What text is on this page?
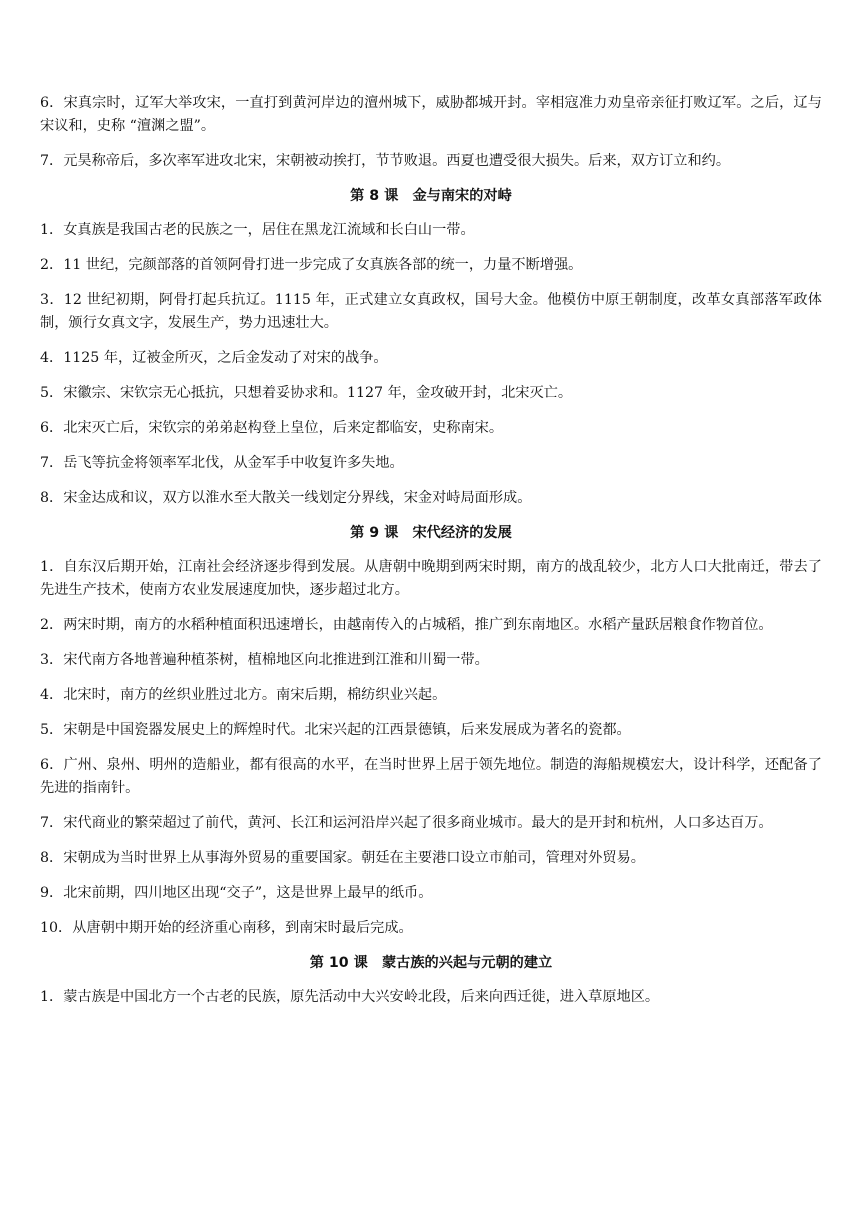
6．宋真宗时，辽军大举攻宋，一直打到黄河岸边的澶州城下，威胁都城开封。宰相寇准力劝皇帝亲征打败辽军。之后，辽与宋议和，史称 “澶渊之盟”。

7．元昊称帝后，多次率军进攻北宋，宋朝被动挨打，节节败退。西夏也遭受很大损失。后来，双方订立和约。

第 8 课　金与南宋的对峙

1．女真族是我国古老的民族之一，居住在黑龙江流域和长白山一带。

2．11 世纪，完颜部落的首领阿骨打进一步完成了女真族各部的统一，力量不断增强。

3．12 世纪初期，阿骨打起兵抗辽。1115 年，正式建立女真政权，国号大金。他模仿中原王朝制度，改革女真部落军政体制，颁行女真文字，发展生产，势力迅速壮大。

4．1125 年，辽被金所灭，之后金发动了对宋的战争。

5．宋徽宗、宋钦宗无心抵抗，只想着妥协求和。1127 年，金攻破开封，北宋灭亡。

6．北宋灭亡后，宋钦宗的弟弟赵构登上皇位，后来定都临安，史称南宋。

7．岳飞等抗金将领率军北伐，从金军手中收复许多失地。

8．宋金达成和议，双方以淮水至大散关一线划定分界线，宋金对峙局面形成。

第 9 课　宋代经济的发展

1．自东汉后期开始，江南社会经济逐步得到发展。从唐朝中晚期到两宋时期，南方的战乱较少，北方人口大批南迁，带去了先进生产技术，使南方农业发展速度加快，逐步超过北方。

2．两宋时期，南方的水稻种植面积迅速增长，由越南传入的占城稻，推广到东南地区。水稻产量跃居粮食作物首位。

3．宋代南方各地普遍种植茶树，植棉地区向北推进到江淮和川蜀一带。

4．北宋时，南方的丝织业胜过北方。南宋后期，棉纺织业兴起。

5．宋朝是中国瓷器发展史上的辉煌时代。北宋兴起的江西景德镇，后来发展成为著名的瓷都。

6．广州、泉州、明州的造船业，都有很高的水平，在当时世界上居于领先地位。制造的海船规模宏大，设计科学，还配备了先进的指南针。

7．宋代商业的繁荣超过了前代，黄河、长江和运河沿岸兴起了很多商业城市。最大的是开封和杭州，人口多达百万。

8．宋朝成为当时世界上从事海外贸易的重要国家。朝廷在主要港口设立市舶司，管理对外贸易。

9．北宋前期，四川地区出现“交子”，这是世界上最早的纸币。

10．从唐朝中期开始的经济重心南移，到南宋时最后完成。

第 10 课　蒙古族的兴起与元朝的建立

1．蒙古族是中国北方一个古老的民族，原先活动中大兴安岭北段，后来向西迁徙，进入草原地区。
